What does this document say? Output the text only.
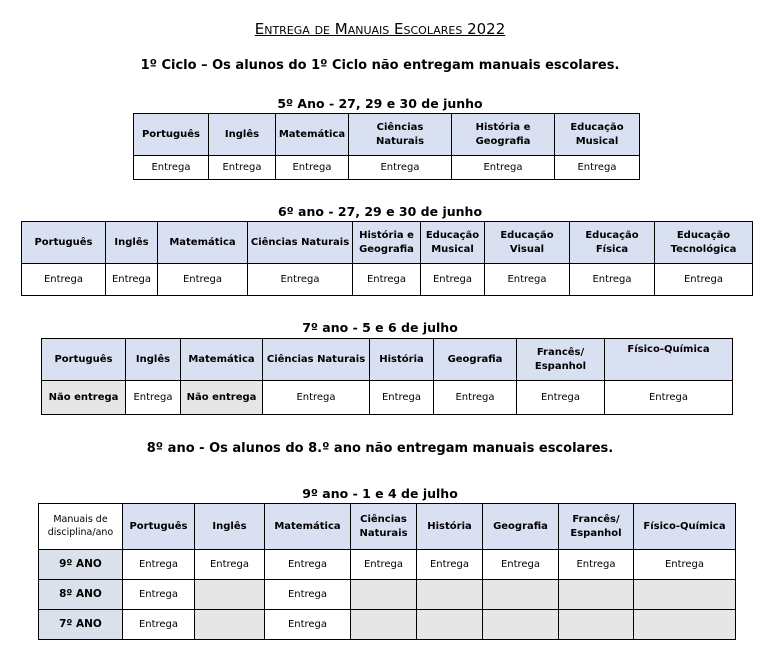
Entrega de Manuais Escolares 2022
1º Ciclo – Os alunos do 1º Ciclo não entregam manuais escolares.
5º Ano - 27, 29 e 30 de junho
Português	Inglês	Matemática	Ciências Naturais	História e Geografia	Educação Musical
Entrega	Entrega	Entrega	Entrega	Entrega	Entrega
6º ano - 27, 29 e 30 de junho
Português	Inglês	Matemática	Ciências Naturais	História e Geografia	Educação Musical	Educação Visual	Educação Física	Educação Tecnológica
Entrega	Entrega	Entrega	Entrega	Entrega	Entrega	Entrega	Entrega	Entrega
7º ano - 5 e 6 de julho
Português	Inglês	Matemática	Ciências Naturais	História	Geografia	Francês/ Espanhol	Físico-Química
Não entrega	Entrega	Não entrega	Entrega	Entrega	Entrega	Entrega	Entrega
8º ano - Os alunos do 8.º ano não entregam manuais escolares.
9º ano - 1 e 4 de julho
Manuais de disciplina/ano	Português	Inglês	Matemática	Ciências Naturais	História	Geografia	Francês/ Espanhol	Físico-Química
9º ANO	Entrega	Entrega	Entrega	Entrega	Entrega	Entrega	Entrega	Entrega
8º ANO	Entrega		Entrega					
7º ANO	Entrega		Entrega					
